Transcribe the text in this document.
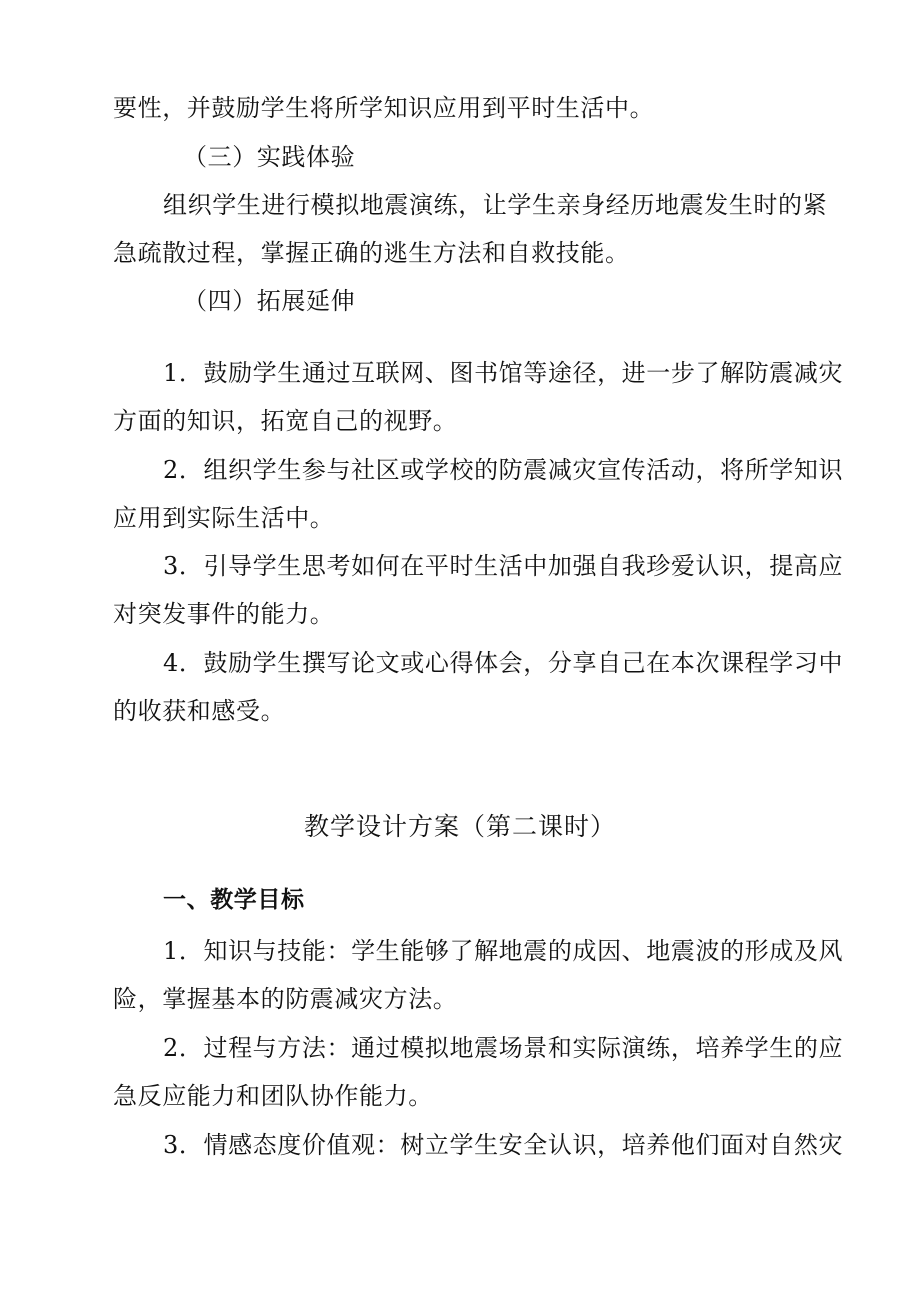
要性，并鼓励学生将所学知识应用到平时生活中。
（三）实践体验
组织学生进行模拟地震演练，让学生亲身经历地震发生时的紧
急疏散过程，掌握正确的逃生方法和自救技能。
（四）拓展延伸
1．鼓励学生通过互联网、图书馆等途径，进一步了解防震减灾
方面的知识，拓宽自己的视野。
2．组织学生参与社区或学校的防震减灾宣传活动，将所学知识
应用到实际生活中。
3．引导学生思考如何在平时生活中加强自我珍爱认识，提高应
对突发事件的能力。
4．鼓励学生撰写论文或心得体会，分享自己在本次课程学习中
的收获和感受。
教学设计方案（第二课时）
一、教学目标
1．知识与技能：学生能够了解地震的成因、地震波的形成及风
险，掌握基本的防震减灾方法。
2．过程与方法：通过模拟地震场景和实际演练，培养学生的应
急反应能力和团队协作能力。
3．情感态度价值观：树立学生安全认识，培养他们面对自然灾
